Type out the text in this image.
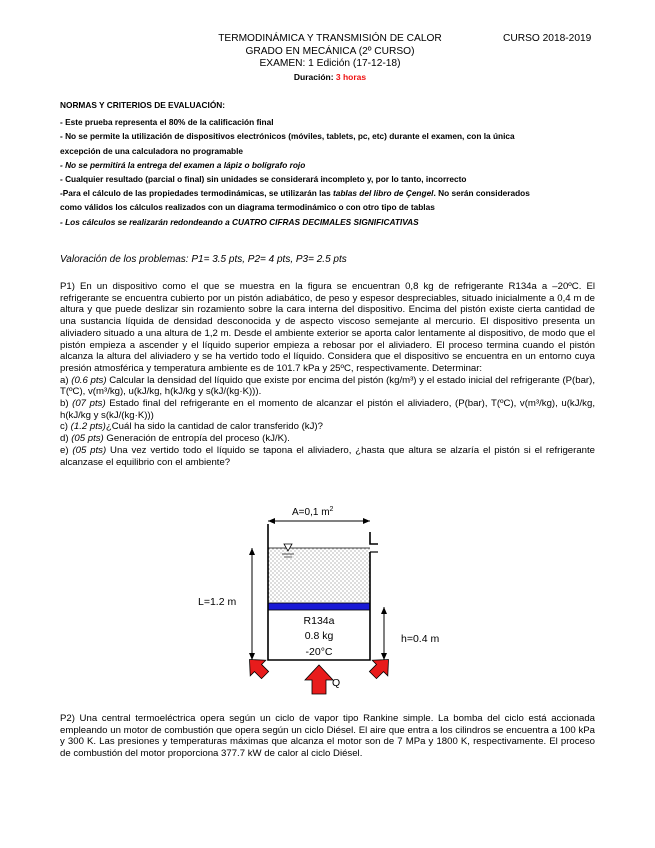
TERMODINÁMICA Y TRANSMISIÓN DE CALOR
GRADO EN MECÁNICA (2º CURSO)
EXAMEN: 1 Edición (17-12-18)
Duración: 3 horas
CURSO 2018-2019
NORMAS Y CRITERIOS DE EVALUACIÓN:
- Este prueba representa el 80% de la calificación final
- No se permite la utilización de dispositivos electrónicos (móviles, tablets, pc, etc) durante el examen, con la única
excepción de una calculadora no programable
- No se permitirá la entrega del examen a lápiz o bolígrafo rojo
- Cualquier resultado (parcial o final) sin unidades se considerará incompleto y, por lo tanto, incorrecto
-Para el cálculo de las propiedades termodinámicas, se utilizarán las tablas del libro de Çengel. No serán considerados
como válidos los cálculos realizados con un diagrama termodinámico o con otro tipo de tablas
- Los cálculos se realizarán redondeando a CUATRO CIFRAS DECIMALES SIGNIFICATIVAS
Valoración de los problemas: P1= 3.5 pts, P2= 4 pts, P3= 2.5 pts
P1) En un dispositivo como el que se muestra en la figura se encuentran 0,8 kg de refrigerante R134a a –20ºC. El refrigerante se encuentra cubierto por un pistón adiabático, de peso y espesor despreciables, situado inicialmente a 0,4 m de altura y que puede deslizar sin rozamiento sobre la cara interna del dispositivo. Encima del pistón existe cierta cantidad de una sustancia líquida de densidad desconocida y de aspecto viscoso semejante al mercurio. El dispositivo presenta un aliviadero situado a una altura de 1,2 m. Desde el ambiente exterior se aporta calor lentamente al dispositivo, de modo que el pistón empieza a ascender y el líquido superior empieza a rebosar por el aliviadero. El proceso termina cuando el pistón alcanza la altura del aliviadero y se ha vertido todo el líquido. Considera que el dispositivo se encuentra en un entorno cuya presión atmosférica y temperatura ambiente es de 101.7 kPa y 25ºC, respectivamente. Determinar:
a) (0.6 pts) Calcular la densidad del líquido que existe por encima del pistón (kg/m³) y el estado inicial del refrigerante (P(bar), T(ºC), v(m³/kg), u(kJ/kg, h(kJ/kg y s(kJ/(kg·K))).
b) (07 pts) Estado final del refrigerante en el momento de alcanzar el pistón el aliviadero, (P(bar), T(ºC), v(m³/kg), u(kJ/kg, h(kJ/kg y s(kJ/(kg·K)))
c) (1.2 pts)¿Cuál ha sido la cantidad de calor transferido (kJ)?
d) (05 pts) Generación de entropía del proceso (kJ/K).
e) (05 pts) Una vez vertido todo el líquido se tapona el aliviadero, ¿hasta que altura se alzaría el pistón si el refrigerante alcanzase el equilibrio con el ambiente?
A=0,1 $m^2$
R134a
0.8 kg
-20°C
L=1.2 m
h=0.4 m
Q
P2) Una central termoeléctrica opera según un ciclo de vapor tipo Rankine simple. La bomba del ciclo está accionada empleando un motor de combustión que opera según un ciclo Diésel. El aire que entra a los cilindros se encuentra a 100 kPa y 300 K. Las presiones y temperaturas máximas que alcanza el motor son de 7 MPa y 1800 K, respectivamente. El proceso de combustión del motor proporciona 377.7 kW de calor al ciclo Diésel.
